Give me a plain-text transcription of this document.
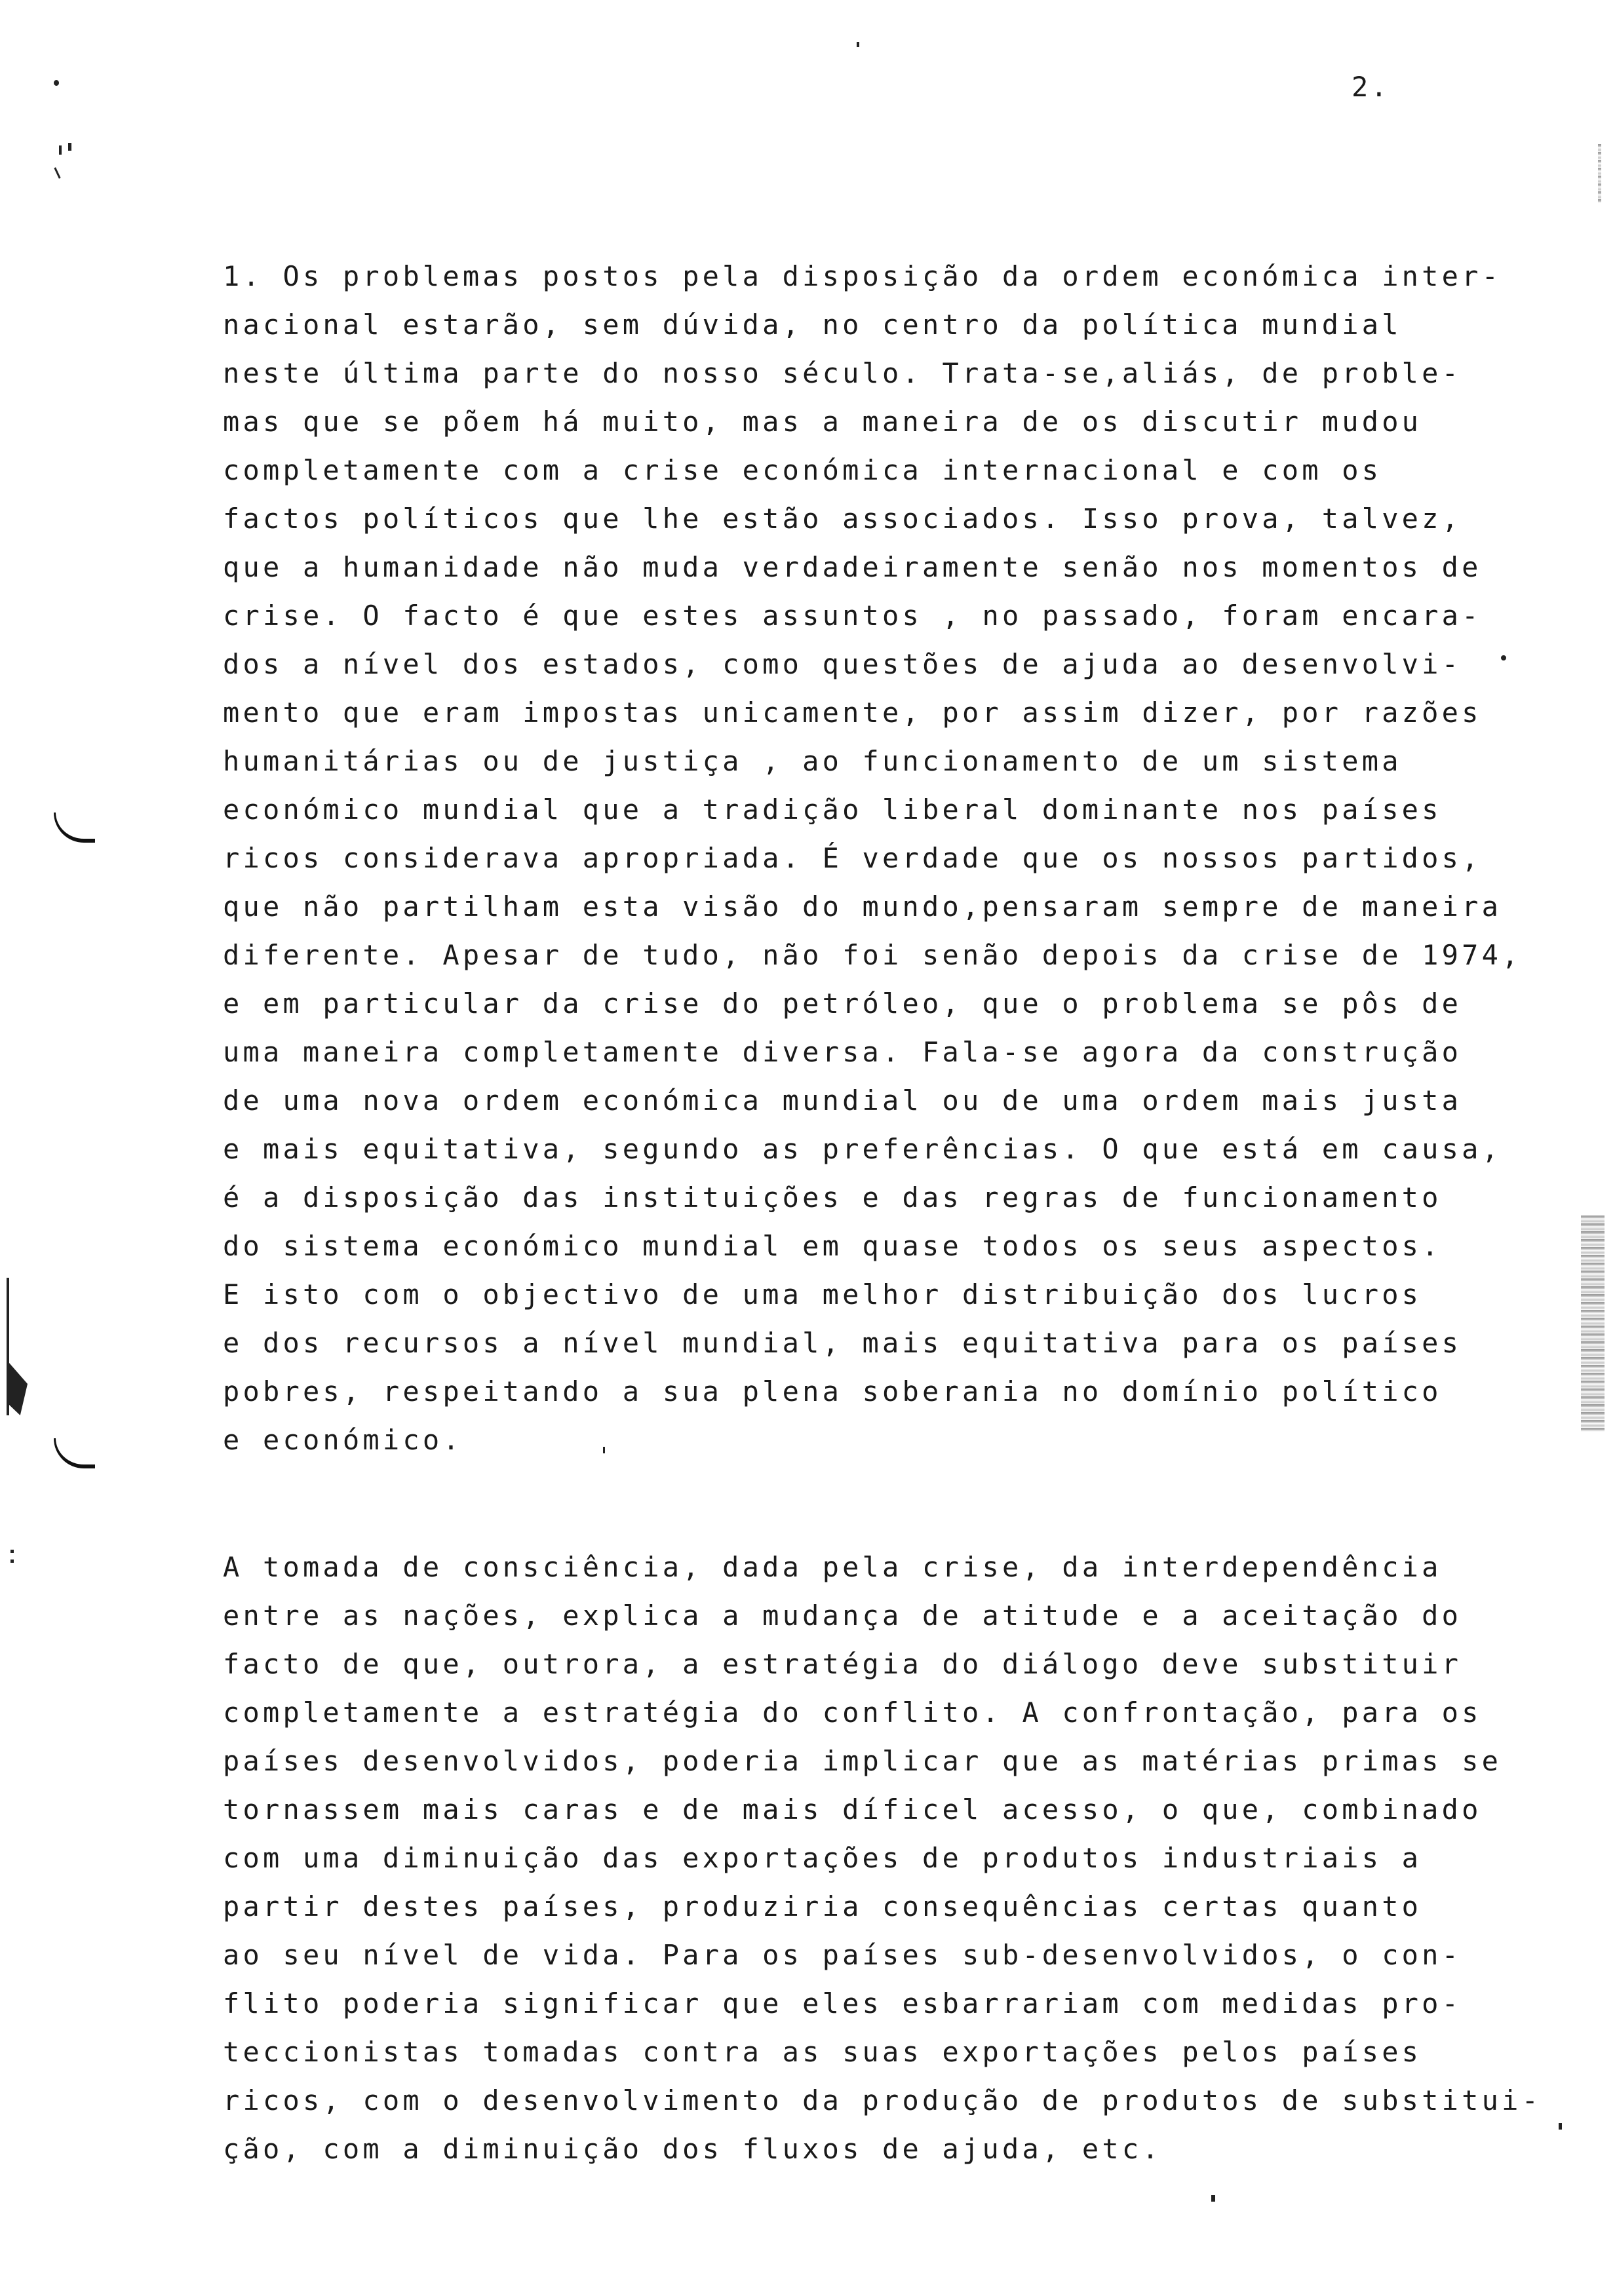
2.
1. Os problemas postos pela disposição da ordem económica inter-
nacional estarão, sem dúvida, no centro da política mundial
neste última parte do nosso século. Trata-se,aliás, de proble-
mas que se põem há muito, mas a maneira de os discutir mudou
completamente com a crise económica internacional e com os
factos políticos que lhe estão associados. Isso prova, talvez,
que a humanidade não muda verdadeiramente senão nos momentos de
crise. O facto é que estes assuntos , no passado, foram encara-
dos a nível dos estados, como questões de ajuda ao desenvolvi-
mento que eram impostas unicamente, por assim dizer, por razões
humanitárias ou de justiça , ao funcionamento de um sistema
económico mundial que a tradição liberal dominante nos países
ricos considerava apropriada. É verdade que os nossos partidos,
que não partilham esta visão do mundo,pensaram sempre de maneira
diferente. Apesar de tudo, não foi senão depois da crise de 1974,
e em particular da crise do petróleo, que o problema se pôs de
uma maneira completamente diversa. Fala-se agora da construção
de uma nova ordem económica mundial ou de uma ordem mais justa
e mais equitativa, segundo as preferências. O que está em causa,
é a disposição das instituições e das regras de funcionamento
do sistema económico mundial em quase todos os seus aspectos.
E isto com o objectivo de uma melhor distribuição dos lucros
e dos recursos a nível mundial, mais equitativa para os países
pobres, respeitando a sua plena soberania no domínio político
e económico.
A tomada de consciência, dada pela crise, da interdependência
entre as nações, explica a mudança de atitude e a aceitação do
facto de que, outrora, a estratégia do diálogo deve substituir
completamente a estratégia do conflito. A confrontação, para os
países desenvolvidos, poderia implicar que as matérias primas se
tornassem mais caras e de mais díficel acesso, o que, combinado
com uma diminuição das exportações de produtos industriais a
partir destes países, produziria consequências certas quanto
ao seu nível de vida. Para os países sub-desenvolvidos, o con-
flito poderia significar que eles esbarrariam com medidas pro-
teccionistas tomadas contra as suas exportações pelos países
ricos, com o desenvolvimento da produção de produtos de substitui-
ção, com a diminuição dos fluxos de ajuda, etc.
